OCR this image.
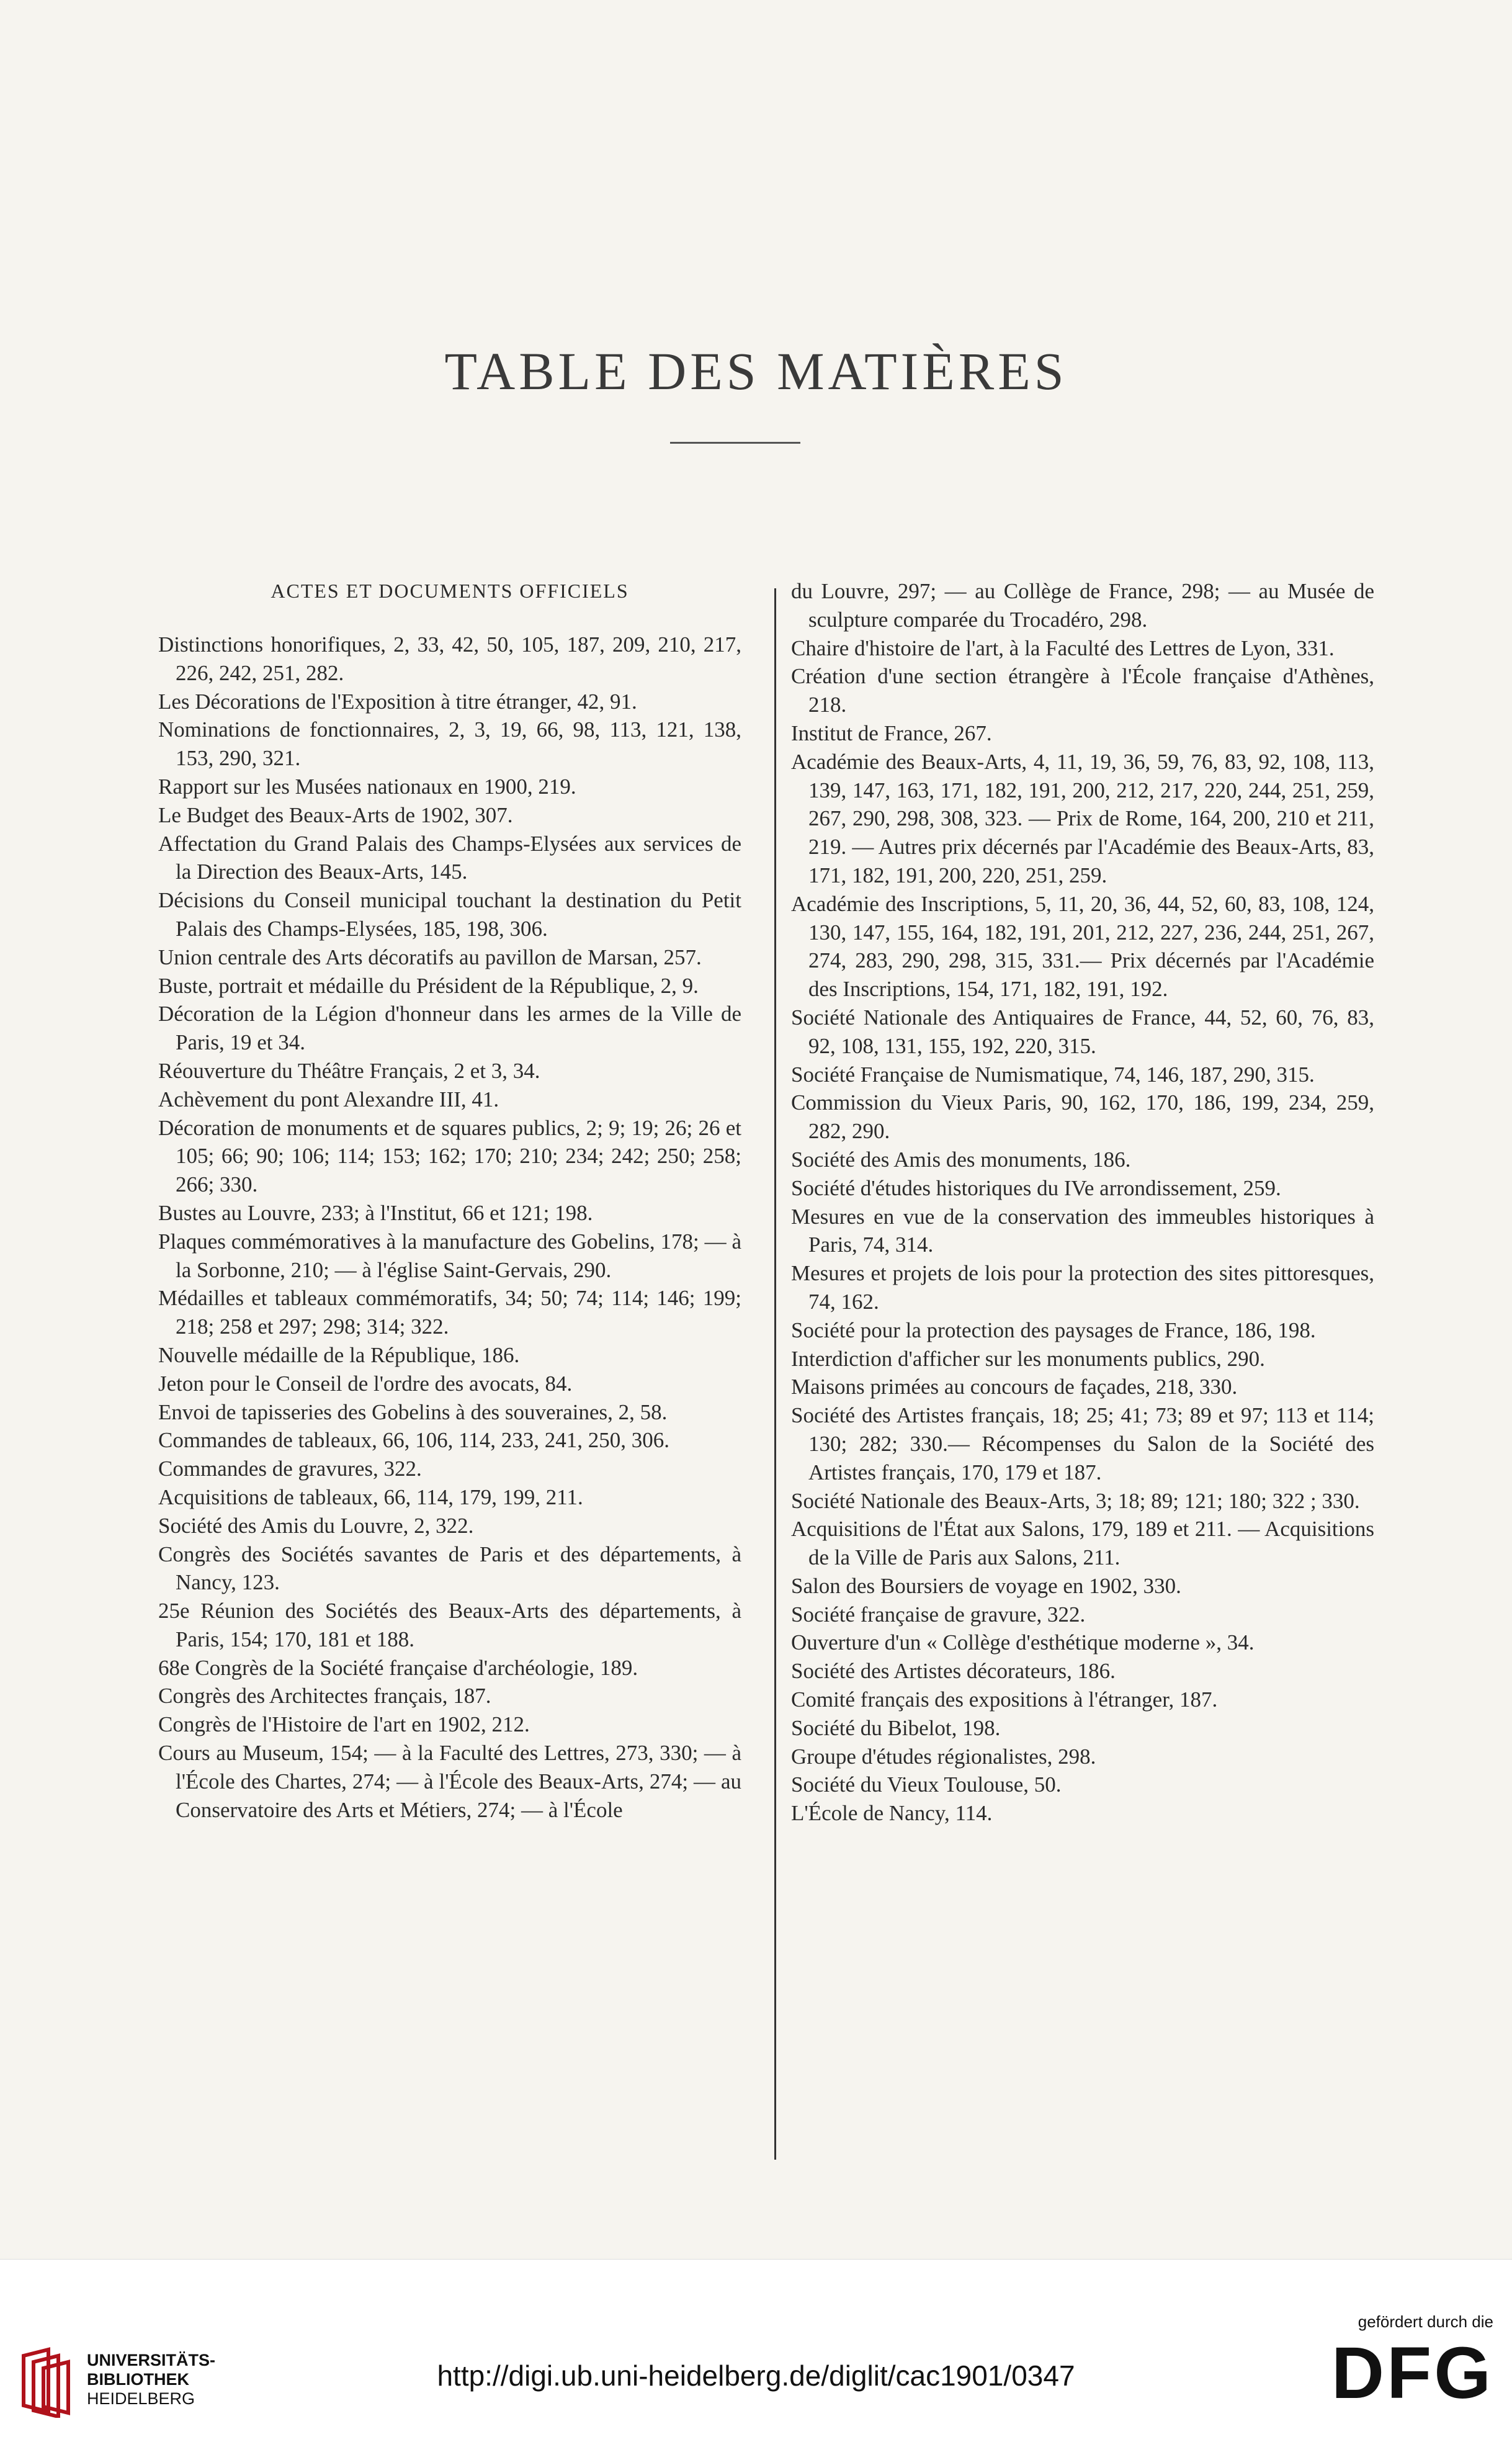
TABLE DES MATIÈRES
ACTES ET DOCUMENTS OFFICIELS

Distinctions honorifiques, 2, 33, 42, 50, 105, 187, 209, 210, 217, 226, 242, 251, 282.

Les Décorations de l'Exposition à titre étranger, 42, 91.

Nominations de fonctionnaires, 2, 3, 19, 66, 98, 113, 121, 138, 153, 290, 321.

Rapport sur les Musées nationaux en 1900, 219.

Le Budget des Beaux-Arts de 1902, 307.

Affectation du Grand Palais des Champs-Elysées aux services de la Direction des Beaux-Arts, 145.

Décisions du Conseil municipal touchant la destination du Petit Palais des Champs-Elysées, 185, 198, 306.

Union centrale des Arts décoratifs au pavillon de Marsan, 257.

Buste, portrait et médaille du Président de la République, 2, 9.

Décoration de la Légion d'honneur dans les armes de la Ville de Paris, 19 et 34.

Réouverture du Théâtre Français, 2 et 3, 34.

Achèvement du pont Alexandre III, 41.

Décoration de monuments et de squares publics, 2; 9; 19; 26; 26 et 105; 66; 90; 106; 114; 153; 162; 170; 210; 234; 242; 250; 258; 266; 330.

Bustes au Louvre, 233; à l'Institut, 66 et 121; 198.

Plaques commémoratives à la manufacture des Gobelins, 178; — à la Sorbonne, 210; — à l'église Saint-Gervais, 290.

Médailles et tableaux commémoratifs, 34; 50; 74; 114; 146; 199; 218; 258 et 297; 298; 314; 322.

Nouvelle médaille de la République, 186.

Jeton pour le Conseil de l'ordre des avocats, 84.

Envoi de tapisseries des Gobelins à des souveraines, 2, 58.

Commandes de tableaux, 66, 106, 114, 233, 241, 250, 306.

Commandes de gravures, 322.

Acquisitions de tableaux, 66, 114, 179, 199, 211.

Société des Amis du Louvre, 2, 322.

Congrès des Sociétés savantes de Paris et des départements, à Nancy, 123.

25e Réunion des Sociétés des Beaux-Arts des départements, à Paris, 154; 170, 181 et 188.

68e Congrès de la Société française d'archéologie, 189.

Congrès des Architectes français, 187.

Congrès de l'Histoire de l'art en 1902, 212.

Cours au Museum, 154; — à la Faculté des Lettres, 273, 330; — à l'École des Chartes, 274; — à l'École des Beaux-Arts, 274; — au Conservatoire des Arts et Métiers, 274; — à l'École

du Louvre, 297; — au Collège de France, 298; — au Musée de sculpture comparée du Trocadéro, 298.

Chaire d'histoire de l'art, à la Faculté des Lettres de Lyon, 331.

Création d'une section étrangère à l'École française d'Athènes, 218.

Institut de France, 267.

Académie des Beaux-Arts, 4, 11, 19, 36, 59, 76, 83, 92, 108, 113, 139, 147, 163, 171, 182, 191, 200, 212, 217, 220, 244, 251, 259, 267, 290, 298, 308, 323. — Prix de Rome, 164, 200, 210 et 211, 219. — Autres prix décernés par l'Académie des Beaux-Arts, 83, 171, 182, 191, 200, 220, 251, 259.

Académie des Inscriptions, 5, 11, 20, 36, 44, 52, 60, 83, 108, 124, 130, 147, 155, 164, 182, 191, 201, 212, 227, 236, 244, 251, 267, 274, 283, 290, 298, 315, 331.— Prix décernés par l'Académie des Inscriptions, 154, 171, 182, 191, 192.

Société Nationale des Antiquaires de France, 44, 52, 60, 76, 83, 92, 108, 131, 155, 192, 220, 315.

Société Française de Numismatique, 74, 146, 187, 290, 315.

Commission du Vieux Paris, 90, 162, 170, 186, 199, 234, 259, 282, 290.

Société des Amis des monuments, 186.

Société d'études historiques du IVe arrondissement, 259.

Mesures en vue de la conservation des immeubles historiques à Paris, 74, 314.

Mesures et projets de lois pour la protection des sites pittoresques, 74, 162.

Société pour la protection des paysages de France, 186, 198.

Interdiction d'afficher sur les monuments publics, 290.

Maisons primées au concours de façades, 218, 330.

Société des Artistes français, 18; 25; 41; 73; 89 et 97; 113 et 114; 130; 282; 330.— Récompenses du Salon de la Société des Artistes français, 170, 179 et 187.

Société Nationale des Beaux-Arts, 3; 18; 89; 121; 180; 322 ; 330.

Acquisitions de l'État aux Salons, 179, 189 et 211. — Acquisitions de la Ville de Paris aux Salons, 211.

Salon des Boursiers de voyage en 1902, 330.

Société française de gravure, 322.

Ouverture d'un « Collège d'esthétique moderne », 34.

Société des Artistes décorateurs, 186.

Comité français des expositions à l'étranger, 187.

Société du Bibelot, 198.

Groupe d'études régionalistes, 298.

Société du Vieux Toulouse, 50.

L'École de Nancy, 114.

UNIVERSITÄTS-
BIBLIOTHEK
HEIDELBERG
http://digi.ub.uni-heidelberg.de/diglit/cac1901/0347
gefördert durch die
DFG
